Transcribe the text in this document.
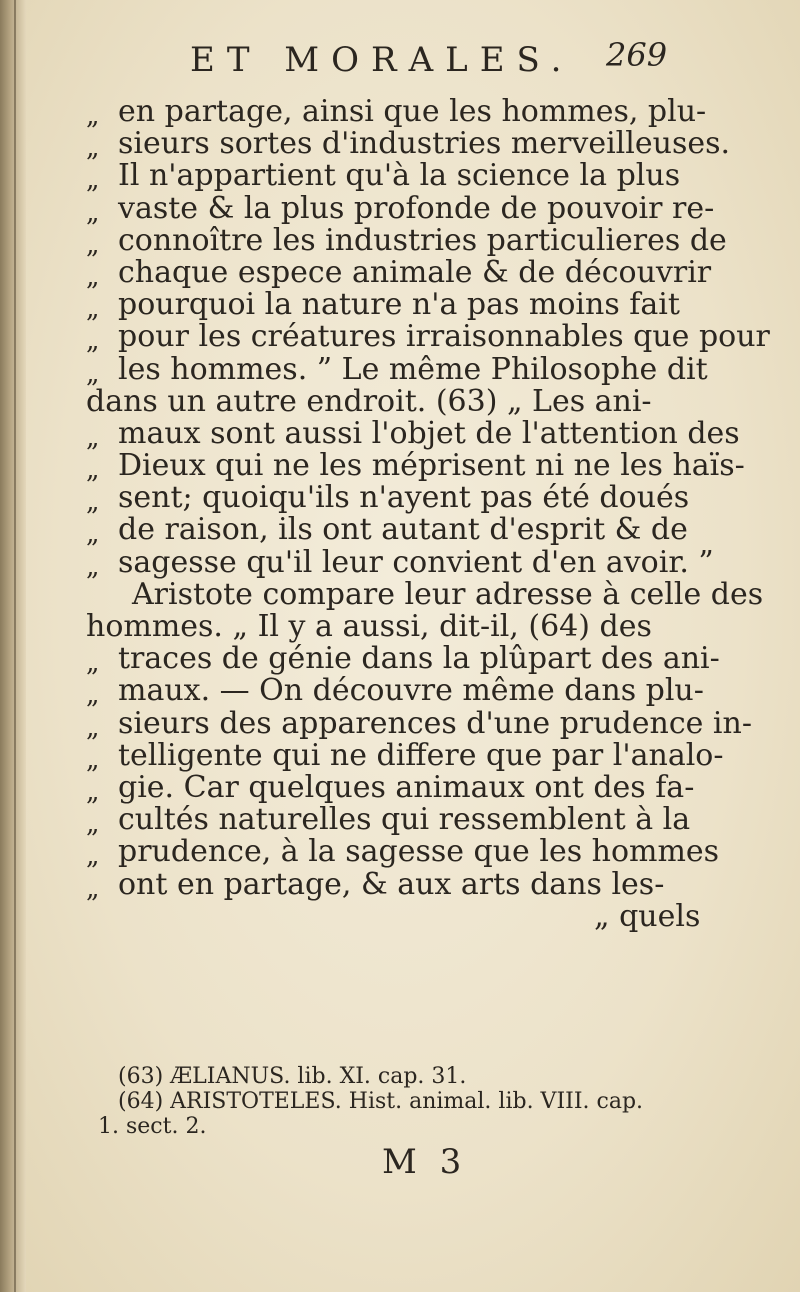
ET MORALES. 269
„ en partage, ainsi que les hommes, plu-
„ sieurs sortes d'industries merveilleuses.
„ Il n'appartient qu'à la science la plus
„ vaste & la plus profonde de pouvoir re-
„ connoître les industries particulieres de
„ chaque espece animale & de découvrir
„ pourquoi la nature n'a pas moins fait
„ pour les créatures irraisonnables que pour
„ les hommes. ” Le même Philosophe dit
dans un autre endroit. (63) „ Les ani-
„ maux sont aussi l'objet de l'attention des
„ Dieux qui ne les méprisent ni ne les haïs-
„ sent; quoiqu'ils n'ayent pas été doués
„ de raison, ils ont autant d'esprit & de
„ sagesse qu'il leur convient d'en avoir. ”
Aristote compare leur adresse à celle des
hommes. „ Il y a aussi, dit-il, (64) des
„ traces de génie dans la plûpart des ani-
„ maux. — On découvre même dans plu-
„ sieurs des apparences d'une prudence in-
„ telligente qui ne differe que par l'analo-
„ gie. Car quelques animaux ont des fa-
„ cultés naturelles qui ressemblent à la
„ prudence, à la sagesse que les hommes
„ ont en partage, & aux arts dans les-
„ quels
(63) ÆLIANUS. lib. XI. cap. 31.
(64) ARISTOTELES. Hist. animal. lib. VIII. cap.
1. sect. 2.
M 3
